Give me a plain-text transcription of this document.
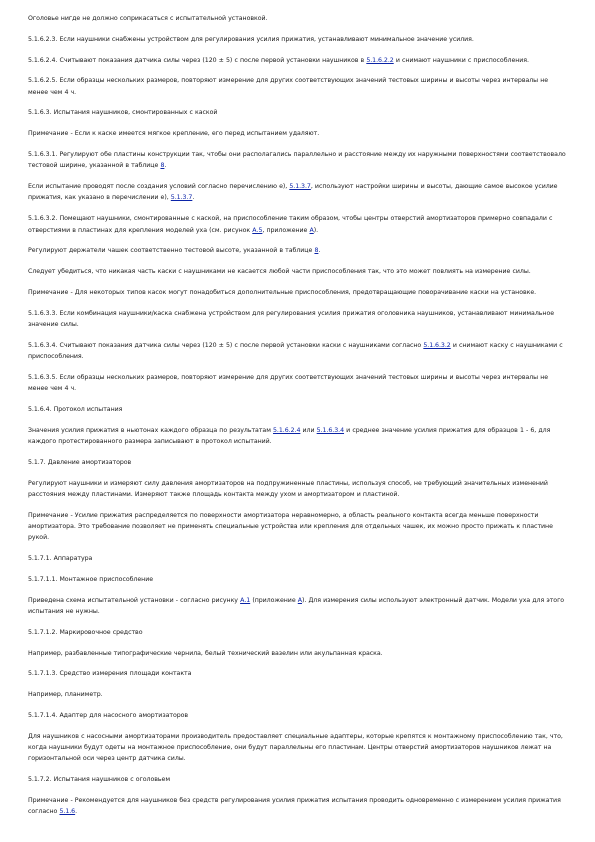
Оголовье нигде не должно соприкасаться с испытательной установкой.

5.1.6.2.3. Если наушники снабжены устройством для регулирования усилия прижатия, устанавливают минимальное значение усилия.

5.1.6.2.4. Считывают показания датчика силы через (120 ± 5) с после первой установки наушников в 5.1.6.2.2 и снимают наушники с приспособления.

5.1.6.2.5. Если образцы нескольких размеров, повторяют измерение для других соответствующих значений тестовых ширины и высоты через интервалы не менее чем 4 ч.

5.1.6.3. Испытания наушников, смонтированных с каской

Примечание - Если к каске имеется мягкое крепление, его перед испытанием удаляют.

5.1.6.3.1. Регулируют обе пластины конструкции так, чтобы они располагались параллельно и расстояние между их наружными поверхностями соответствовало тестовой ширине, указанной в таблице 8.

Если испытание проводят после создания условий согласно перечислению е), 5.1.3.7, используют настройки ширины и высоты, дающие самое высокое усилие прижатия, как указано в перечислении е), 5.1.3.7.

5.1.6.3.2. Помещают наушники, смонтированные с каской, на приспособление таким образом, чтобы центры отверстий амортизаторов примерно совпадали с отверстиями в пластинах для крепления моделей уха (см. рисунок А.5, приложение А).

Регулируют держатели чашек соответственно тестовой высоте, указанной в таблице 8.

Следует убедиться, что никакая часть каски с наушниками не касается любой части приспособления так, что это может повлиять на измерение силы.

Примечание - Для некоторых типов касок могут понадобиться дополнительные приспособления, предотвращающие поворачивание каски на установке.

5.1.6.3.3. Если комбинация наушники/каска снабжена устройством для регулирования усилия прижатия оголовника наушников, устанавливают минимальное значение силы.

5.1.6.3.4. Считывают показания датчика силы через (120 ± 5) с после первой установки каски с наушниками согласно 5.1.6.3.2 и снимают каску с наушниками с приспособления.

5.1.6.3.5. Если образцы нескольких размеров, повторяют измерение для других соответствующих значений тестовых ширины и высоты через интервалы не менее чем 4 ч.

5.1.6.4. Протокол испытания

Значения усилия прижатия в ньютонах каждого образца по результатам 5.1.6.2.4 или 5.1.6.3.4 и среднее значение усилия прижатия для образцов 1 - 6, для каждого протестированного размера записывают в протокол испытаний.

5.1.7. Давление амортизаторов

Регулируют наушники и измеряют силу давления амортизаторов на подпружиненные пластины, используя способ, не требующий значительных изменений расстояния между пластинами. Измеряют также площадь контакта между ухом и амортизатором и пластиной.

Примечание - Усилие прижатия распределяется по поверхности амортизатора неравномерно, а область реального контакта всегда меньше поверхности амортизатора. Это требование позволяет не применять специальные устройства или крепления для отдельных чашек, их можно просто прижать к пластине рукой.

5.1.7.1. Аппаратура

5.1.7.1.1. Монтажное приспособление

Приведена схема испытательной установки - согласно рисунку А.1 (приложение А). Для измерения силы используют электронный датчик. Модели уха для этого испытания не нужны.

5.1.7.1.2. Маркировочное средство

Например, разбавленные типографические чернила, белый технический вазелин или акульпанная краска.

5.1.7.1.3. Средство измерения площади контакта

Например, планиметр.

5.1.7.1.4. Адаптер для насосного амортизаторов

Для наушников с насосными амортизаторами производитель предоставляет специальные адаптеры, которые крепятся к монтажному приспособлению так, что, когда наушники будут одеты на монтажное приспособление, они будут параллельны его пластинам. Центры отверстий амортизаторов наушников лежат на горизонтальной оси через центр датчика силы.

5.1.7.2. Испытания наушников с оголовьем

Примечание - Рекомендуется для наушников без средств регулирования усилия прижатия испытания проводить одновременно с измерением усилия прижатия согласно 5.1.6.
